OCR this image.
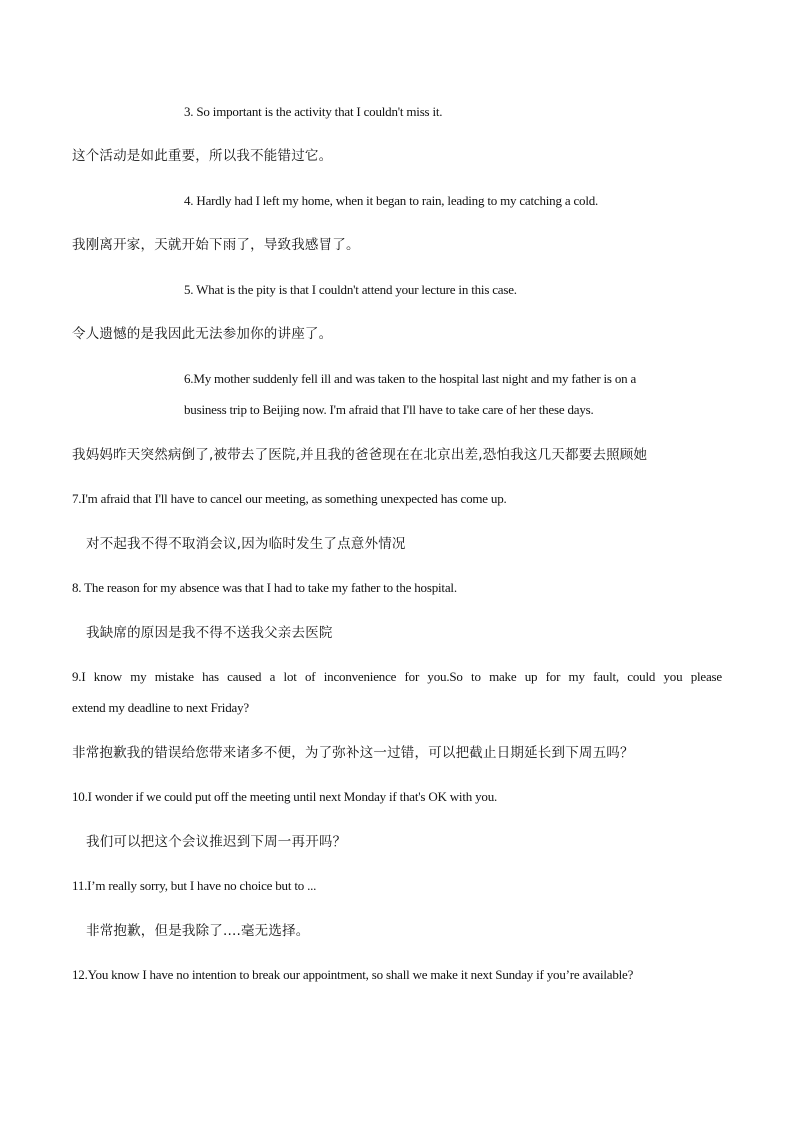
3. So important is the activity that I couldn't miss it.
这个活动是如此重要，所以我不能错过它。
4. Hardly had I left my home, when it began to rain, leading to my catching a cold.
我刚离开家，天就开始下雨了，导致我感冒了。
5. What is the pity is that I couldn't attend your lecture in this case.
令人遗憾的是我因此无法参加你的讲座了。
6.My mother suddenly fell ill and was taken to the hospital last night and my father is on a
business trip to Beijing now. I'm afraid that I'll have to take care of her these days.
我妈妈昨天突然病倒了,被带去了医院,并且我的爸爸现在在北京出差,恐怕我这几天都要去照顾她
7.I'm afraid that I'll have to cancel our meeting, as something unexpected has come up.
对不起我不得不取消会议,因为临时发生了点意外情况
8. The reason for my absence was that I had to take my father to the hospital.
我缺席的原因是我不得不送我父亲去医院
9.I know my mistake has caused a lot of inconvenience for you.So to make up for my fault, could you please
extend my deadline to next Friday?
非常抱歉我的错误给您带来诸多不便，为了弥补这一过错，可以把截止日期延长到下周五吗？
10.I wonder if we could put off the meeting until next Monday if that's OK with you.
我们可以把这个会议推迟到下周一再开吗？
11.I’m really sorry, but I have no choice but to ...
非常抱歉，但是我除了....毫无选择。
12.You know I have no intention to break our appointment, so shall we make it next Sunday if you’re available?
